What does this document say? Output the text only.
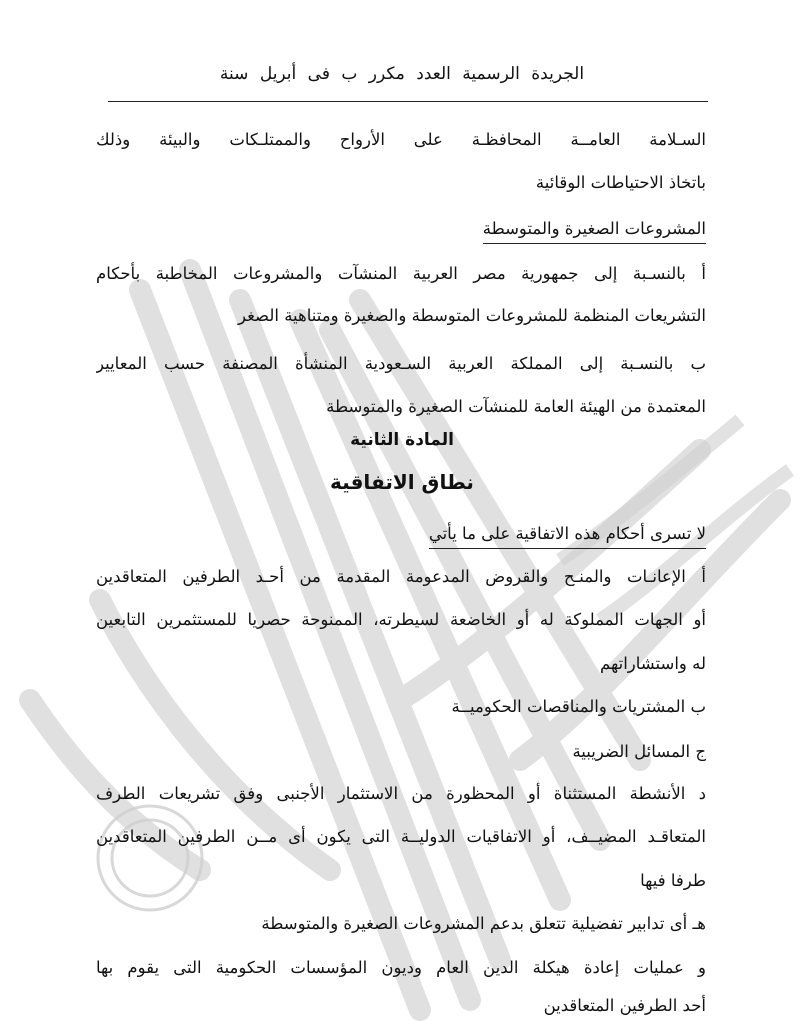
الجريدة الرسمية العدد مكرر ب فى أبريل سنة

السـلامة العامــة المحافظـة على الأرواح والممتلـكات والبيئة وذلك

باتخاذ الاحتياطات الوقائية

المشروعات الصغيرة والمتوسطة

أ بالنسـبة إلى جمهورية مصر العربية المنشآت والمشروعات المخاطبة بأحكام

التشريعات المنظمة للمشروعات المتوسطة والصغيرة ومتناهية الصغر

ب بالنسـبة إلى المملكة العربية السـعودية المنشأة المصنفة حسب المعايير

المعتمدة من الهيئة العامة للمنشآت الصغيرة والمتوسطة

المادة الثانية

نطاق الاتفاقية

لا تسرى أحكام هذه الاتفاقية على ما يأتي

أ الإعانـات والمنـح والقروض المدعومة المقدمة من أحـد الطرفين المتعاقدين

أو الجهات المملوكة له أو الخاضعة لسيطرته، الممنوحة حصريا للمستثمرين التابعين

له واستشاراتهم

ب المشتريات والمناقصات الحكوميــة

ج المسائل الضريبية

د الأنشطة المستثناة أو المحظورة من الاستثمار الأجنبى وفق تشريعات الطرف

المتعاقـد المضيــف، أو الاتفاقيات الدوليــة التى يكون أى مــن الطرفين المتعاقدين

طرفا فيها

هـ أى تدابير تفضيلية تتعلق بدعم المشروعات الصغيرة والمتوسطة

و عمليات إعادة هيكلة الدين العام وديون المؤسسات الحكومية التى يقوم بها

أحد الطرفين المتعاقدين
